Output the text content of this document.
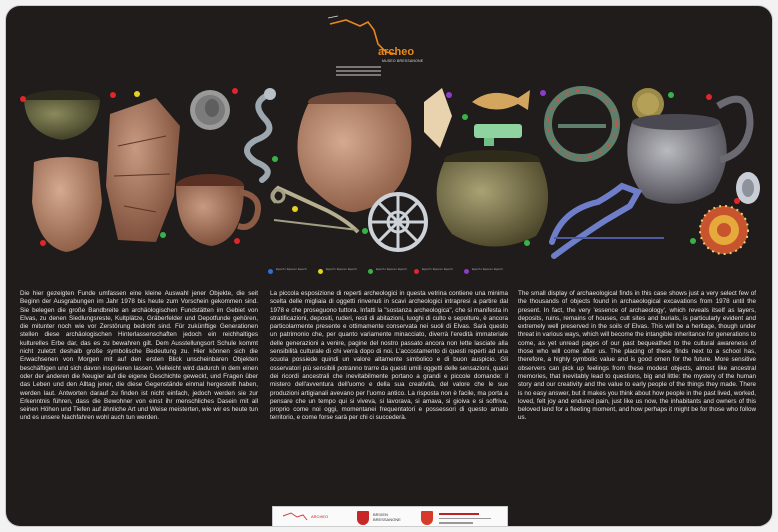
archeo
MUSEO BRESSANONE
Epoch / Epoca / Epoch	Epoch / Epoca / Epoch	Epoch / Epoca / Epoch	Epoch / Epoca / Epoch	Epoch / Epoca / Epoch
Die hier gezeigten Funde umfassen eine kleine Auswahl jener Objekte, die seit Beginn der Ausgrabungen im Jahr 1978 bis heute zum Vorschein gekommen sind. Sie belegen die große Bandbreite an archäologischen Fundstätten im Gebiet von Elvas, zu denen Siedlungsreste, Kultplätze, Gräberfelder und Depotfunde gehören, die mitunter noch wie vor Zerstörung bedroht sind. Für zukünftige Generationen stellen diese archäologischen Hinterlassenschaften jedoch ein reichhaltiges kulturelles Erbe dar, das es zu bewahren gilt. Dem Ausstellungsort Schule kommt nicht zuletzt deshalb große symbolische Bedeutung zu. Hier können sich die Erwachsenen von Morgen mit auf den ersten Blick unscheinbaren Objekten beschäftigen und sich davon inspirieren lassen. Vielleicht wird dadurch in dem einen oder der anderen die Neugier auf die eigene Geschichte geweckt, und Fragen über das Leben und den Alltag jener, die diese Gegenstände einmal hergestellt haben, werden laut. Antworten darauf zu finden ist nicht einfach, jedoch werden sie zur Erkenntnis führen, dass die Bewohner von einst ihr menschliches Dasein mit all seinen Höhen und Tiefen auf ähnliche Art und Weise meisterten, wie wir es heute tun und es unsere Nachfahren wohl auch tun werden.
La piccola esposizione di reperti archeologici in questa vetrina contiene una minima scelta delle migliaia di oggetti rinvenuti in scavi archeologici intrapresi a partire dal 1978 e che proseguono tuttora. Infatti la "sostanza archeologica", che si manifesta in stratificazioni, depositi, ruderi, resti di abitazioni, luoghi di culto e sepolture, è ancora particolarmente presente e ottimamente conservata nei suoli di Elvas. Sarà questo un patrimonio che, per quanto variamente minacciato, diverrà l'eredità immateriale delle generazioni a venire, pagine del nostro passato ancora non lette lasciate alla sensibilità culturale di chi verrà dopo di noi. L'accostamento di questi reperti ad una scuola possiede quindi un valore altamente simbolico e di buon auspicio. Gli osservatori più sensibili potranno trarre da questi umili oggetti delle sensazioni, quasi dei ricordi ancestrali che inevitabilmente portano a grandi e piccole domande: il mistero dell'avventura dell'uomo e della sua creatività, del valore che le sue produzioni artigianali avevano per l'uomo antico. La risposta non è facile, ma porta a pensare che un tempo qui si viveva, si lavorava, si amava, si gioiva e si soffriva, proprio come noi oggi, momentanei frequentatori e possessori di questo amato territorio, e come forse sarà per chi ci succederà.
The small display of archaeological finds in this case shows just a very select few of the thousands of objects found in archaeological excavations from 1978 until the present. In fact, the very 'essence of archaeology', which reveals itself as layers, deposits, ruins, remains of houses, cult sites and burials, is particularly evident and extremely well preserved in the soils of Elvas. This will be a heritage, though under threat in various ways, which will become the intangible inheritance for generations to come, as yet unread pages of our past bequeathed to the cultural awareness of those who will come after us. The placing of these finds next to a school has, therefore, a highly symbolic value and is good omen for the future. More sensitive observers can pick up feelings from these modest objects, almost like ancestral memories, that inevitably lead to questions, big and little: the mystery of the human story and our creativity and the value to early people of the things they made. There is no easy answer, but it makes you think about how people in the past lived, worked, loved, felt joy and endured pain, just like us now, the inhabitants and owners of this beloved land for a fleeting moment, and how perhaps it might be for those who follow us.
ARCHEO	BRIXEN
BRESSANONE
